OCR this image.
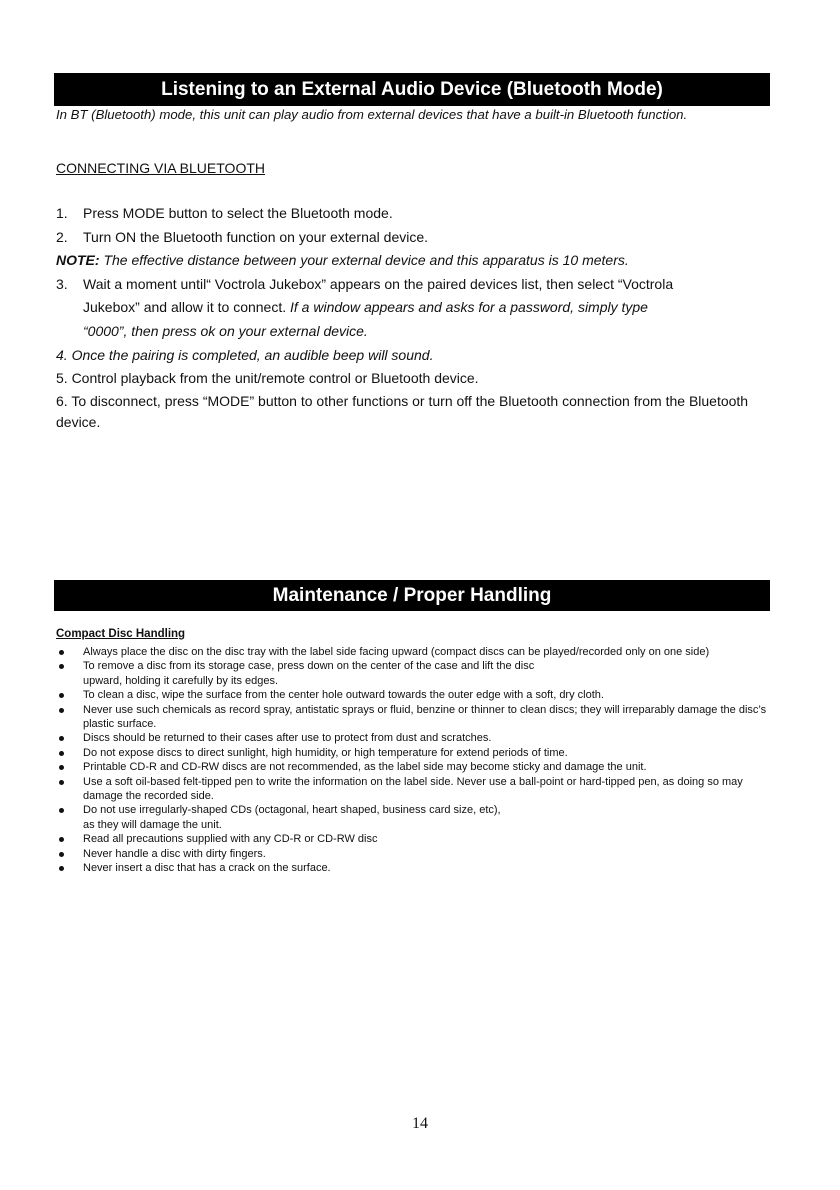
Listening to an External Audio Device (Bluetooth Mode)
In BT (Bluetooth) mode, this unit can play audio from external devices that have a built-in Bluetooth function.
CONNECTING VIA BLUETOOTH

1. Press MODE button to select the Bluetooth mode.

2. Turn ON the Bluetooth function on your external device.

NOTE: The effective distance between your external device and this apparatus is 10 meters.

3. Wait a moment until“ Voctrola Jukebox” appears on the paired devices list, then select “Voctrola

Jukebox” and allow it to connect. If a window appears and asks for a password, simply type

“0000”, then press ok on your external device.

4. Once the pairing is completed, an audible beep will sound.

5. Control playback from the unit/remote control or Bluetooth device.

6. To disconnect, press “MODE” button to other functions or turn off the Bluetooth connection from the Bluetooth device.

Maintenance / Proper Handling
Compact Disc Handling
Always place the disc on the disc tray with the label side facing upward (compact discs can be played/recorded only on one side)
To remove a disc from its storage case, press down on the center of the case and lift the disc
upward, holding it carefully by its edges.
To clean a disc, wipe the surface from the center hole outward towards the outer edge with a soft, dry cloth.
Never use such chemicals as record spray, antistatic sprays or fluid, benzine or thinner to clean discs; they will irreparably damage the disc’s plastic surface.
Discs should be returned to their cases after use to protect from dust and scratches.
Do not expose discs to direct sunlight, high humidity, or high temperature for extend periods of time.
Printable CD-R and CD-RW discs are not recommended, as the label side may become sticky and damage the unit.
Use a soft oil-based felt-tipped pen to write the information on the label side. Never use a ball-point or hard-tipped pen, as doing so may damage the recorded side.
Do not use irregularly-shaped CDs (octagonal, heart shaped, business card size, etc),
as they will damage the unit.
Read all precautions supplied with any CD-R or CD-RW disc
Never handle a disc with dirty fingers.
Never insert a disc that has a crack on the surface.
14
